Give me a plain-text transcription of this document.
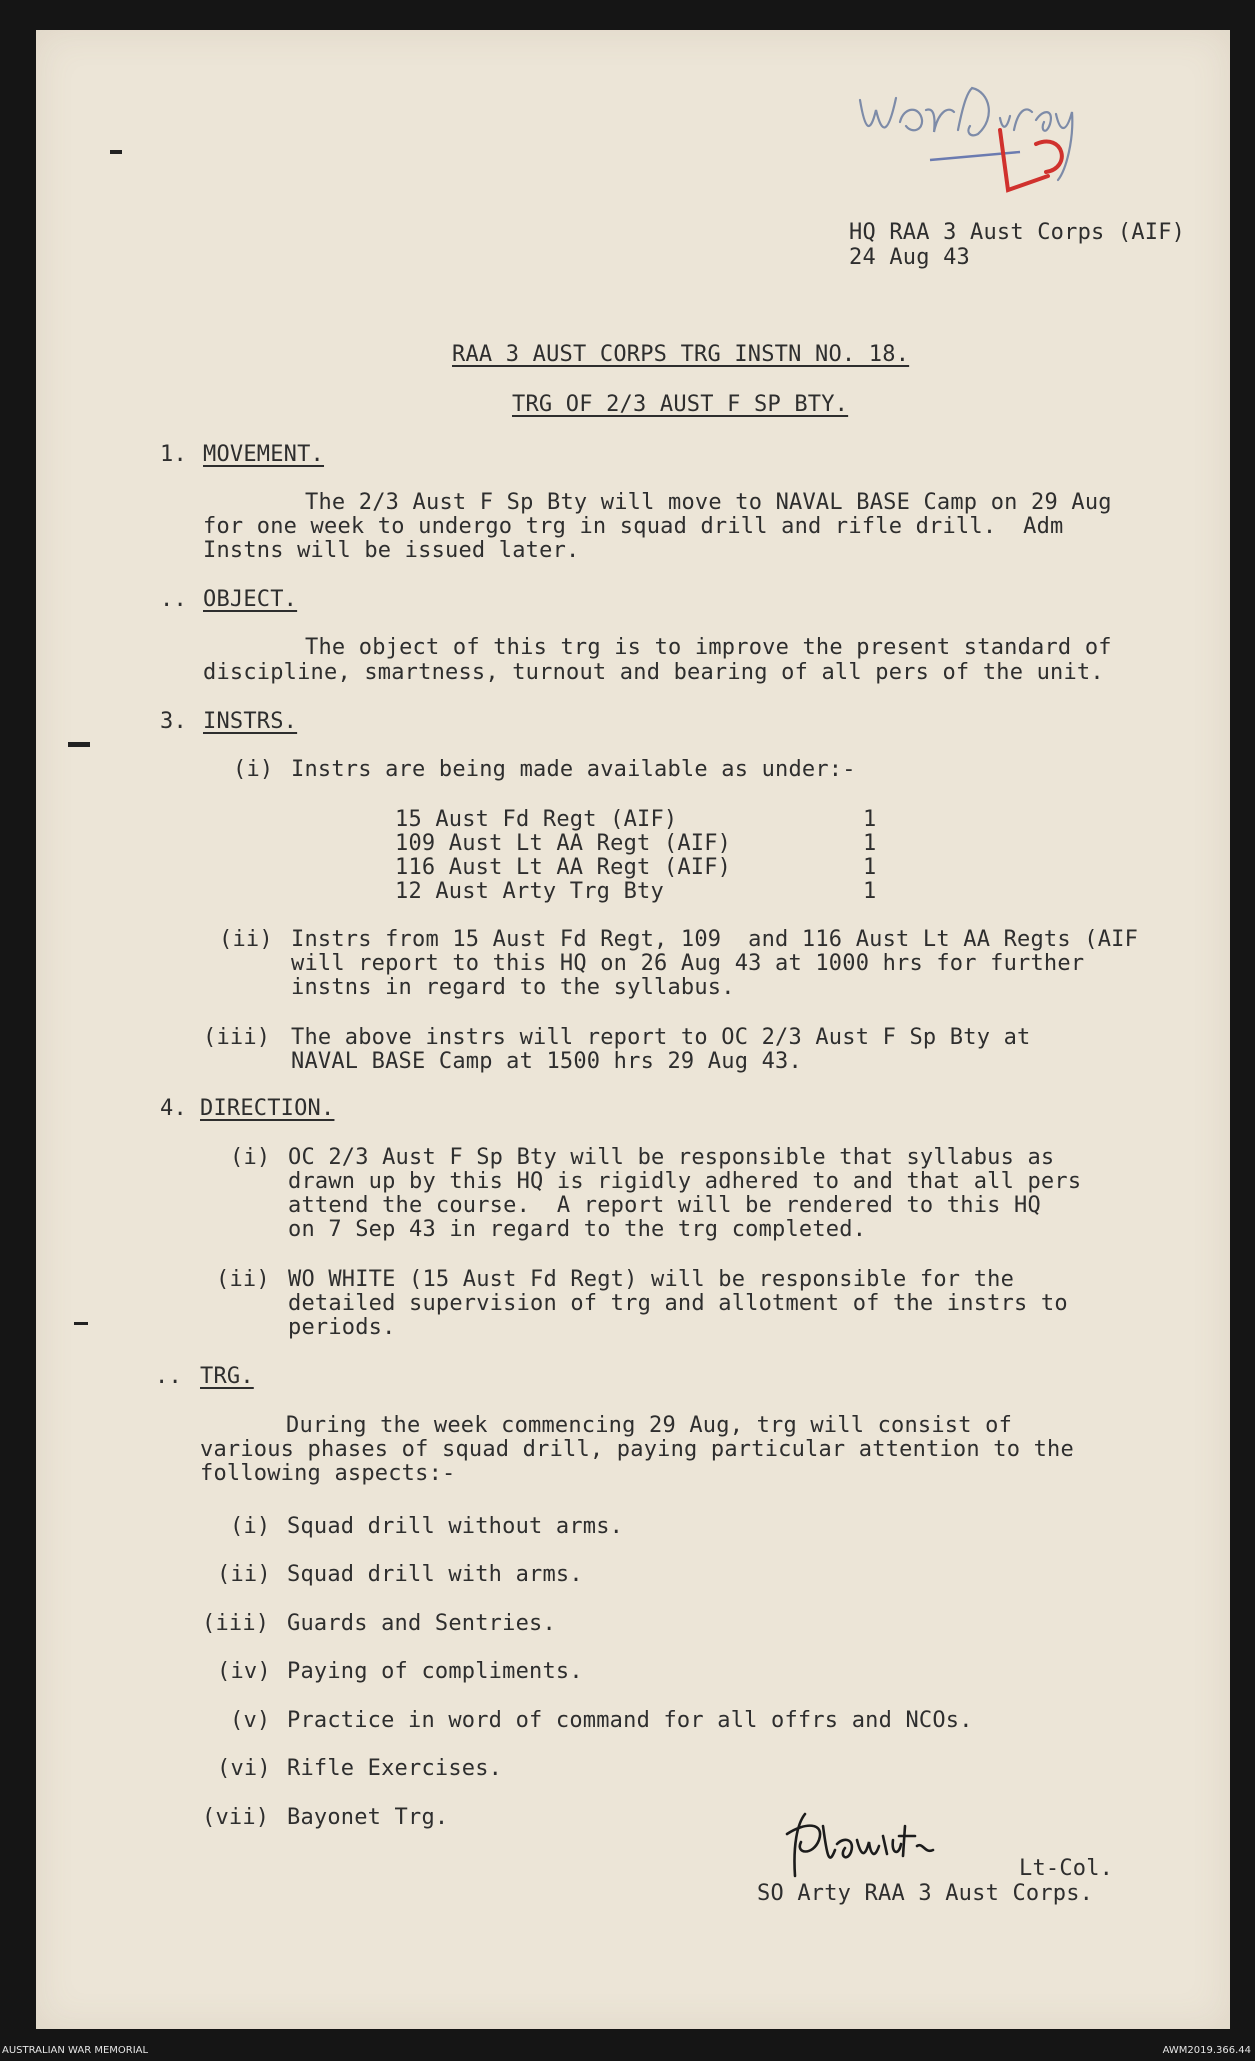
HQ RAA 3 Aust Corps (AIF)
24 Aug 43
RAA 3 AUST CORPS TRG INSTN NO. 18.
TRG OF 2/3 AUST F SP BTY.
1. MOVEMENT.
The 2/3 Aust F Sp Bty will move to NAVAL BASE Camp on 29 Aug
for one week to undergo trg in squad drill and rifle drill.  Adm
Instns will be issued later.
.. OBJECT.
The object of this trg is to improve the present standard of
discipline, smartness, turnout and bearing of all pers of the unit.
3. INSTRS.
(i) Instrs are being made available as under:-
15 Aust Fd Regt (AIF)	1
109 Aust Lt AA Regt (AIF)	1
116 Aust Lt AA Regt (AIF)	1
12 Aust Arty Trg Bty	1
(ii) Instrs from 15 Aust Fd Regt, 109  and 116 Aust Lt AA Regts (AIF
will report to this HQ on 26 Aug 43 at 1000 hrs for further
instns in regard to the syllabus.
(iii) The above instrs will report to OC 2/3 Aust F Sp Bty at
NAVAL BASE Camp at 1500 hrs 29 Aug 43.
4. DIRECTION.
(i) OC 2/3 Aust F Sp Bty will be responsible that syllabus as
drawn up by this HQ is rigidly adhered to and that all pers
attend the course.  A report will be rendered to this HQ
on 7 Sep 43 in regard to the trg completed.
(ii) WO WHITE (15 Aust Fd Regt) will be responsible for the
detailed supervision of trg and allotment of the instrs to
periods.
.. TRG.
During the week commencing 29 Aug, trg will consist of
various phases of squad drill, paying particular attention to the
following aspects:-
(i) Squad drill without arms.
(ii) Squad drill with arms.
(iii) Guards and Sentries.
(iv) Paying of compliments.
(v) Practice in word of command for all offrs and NCOs.
(vi) Rifle Exercises.
(vii) Bayonet Trg.
Lt-Col.
SO Arty RAA 3 Aust Corps.
AUSTRALIAN WAR MEMORIAL	AWM2019.366.44
